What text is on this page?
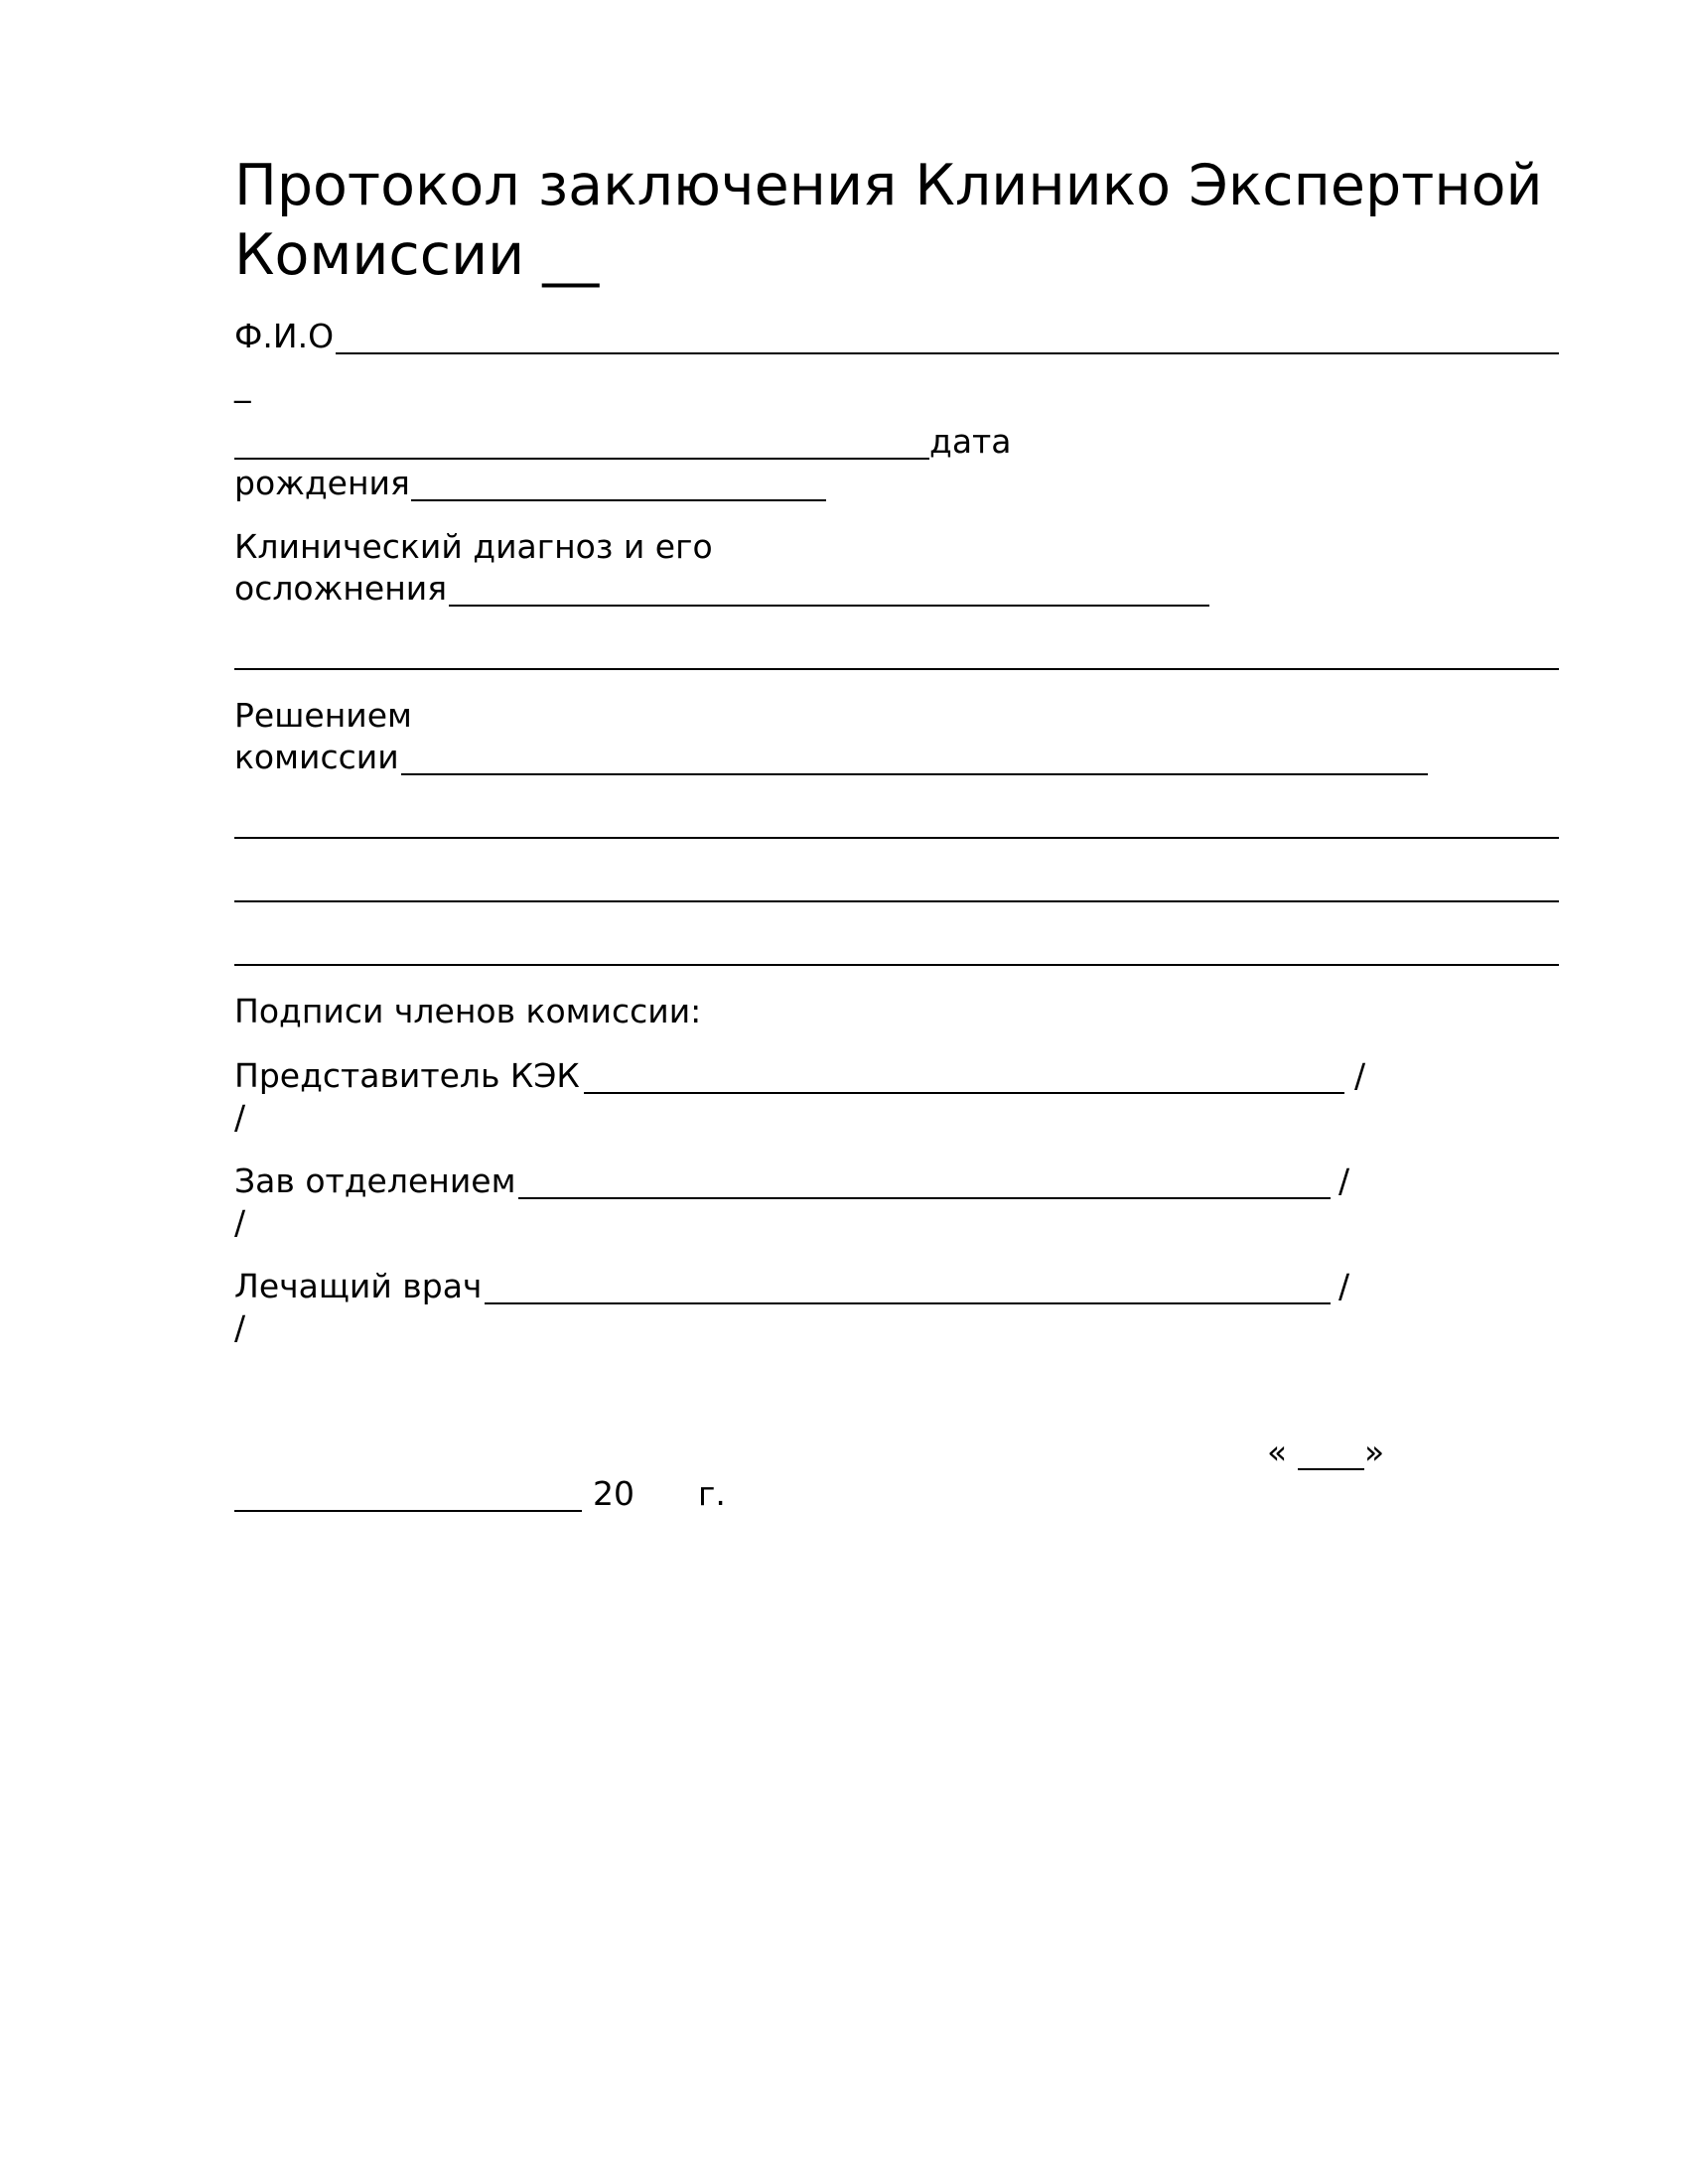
Протокол заключения Клинико Экспертной Комиссии __
Ф.И.О
_
дата
рождения
Клинический диагноз и его
осложнения
Решением
комиссии
Подписи членов комиссии:
Представитель КЭК	/
/
Зав отделением	/
/
Лечащий врач	/
/
« »
20 г.
